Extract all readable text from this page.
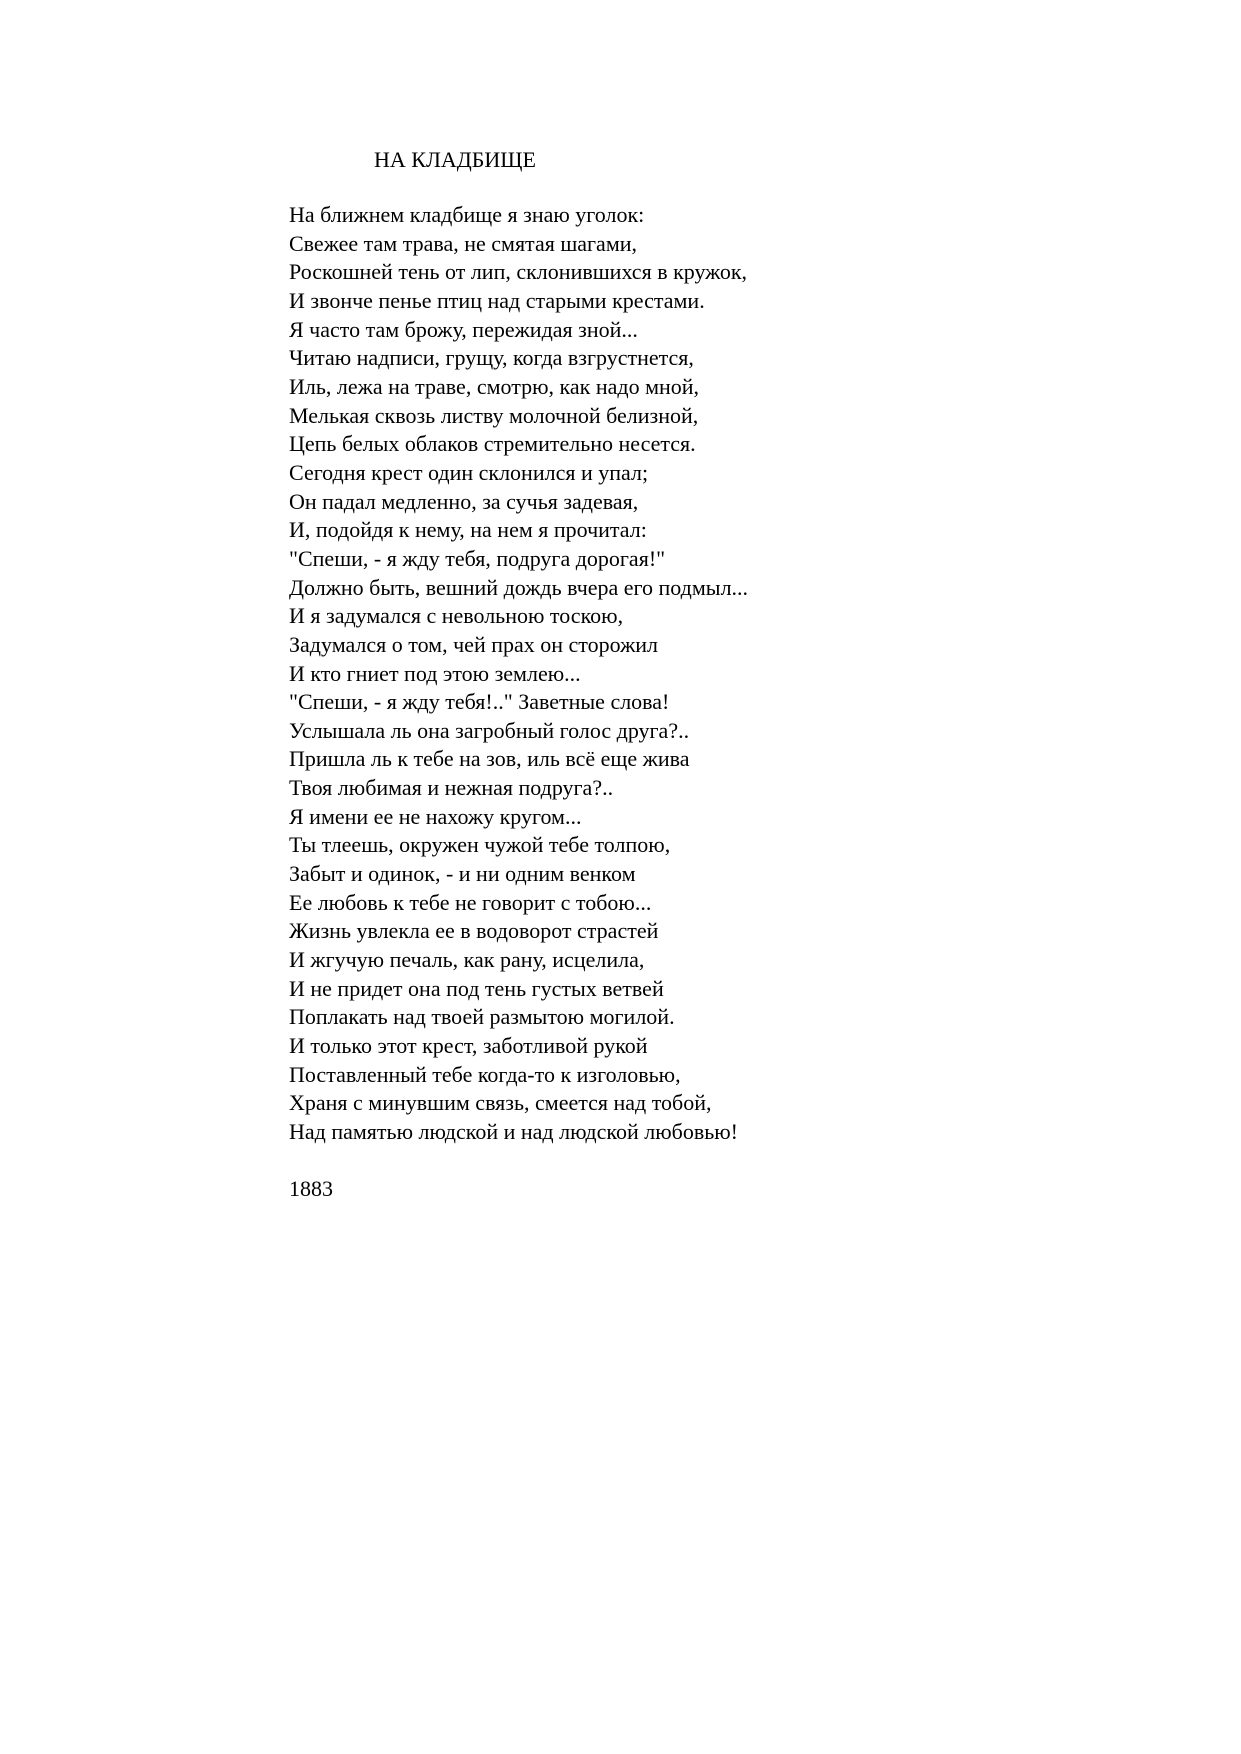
НА КЛАДБИЩЕ
На ближнем кладбище я знаю уголок:
Свежее там трава, не смятая шагами,
Роскошней тень от лип, склонившихся в кружок,
И звонче пенье птиц над старыми крестами.
Я часто там брожу, пережидая зной...
Читаю надписи, грущу, когда взгрустнется,
Иль, лежа на траве, смотрю, как надо мной,
Мелькая сквозь листву молочной белизной,
Цепь белых облаков стремительно несется.
Сегодня крест один склонился и упал;
Он падал медленно, за сучья задевая,
И, подойдя к нему, на нем я прочитал:
"Спеши, - я жду тебя, подруга дорогая!"
Должно быть, вешний дождь вчера его подмыл...
И я задумался с невольною тоскою,
Задумался о том, чей прах он сторожил
И кто гниет под этою землею...
"Спеши, - я жду тебя!.." Заветные слова!
Услышала ль она загробный голос друга?..
Пришла ль к тебе на зов, иль всё еще жива
Твоя любимая и нежная подруга?..
Я имени ее не нахожу кругом...
Ты тлеешь, окружен чужой тебе толпою,
Забыт и одинок, - и ни одним венком
Ее любовь к тебе не говорит с тобою...
Жизнь увлекла ее в водоворот страстей
И жгучую печаль, как рану, исцелила,
И не придет она под тень густых ветвей
Поплакать над твоей размытою могилой.
И только этот крест, заботливой рукой
Поставленный тебе когда-то к изголовью,
Храня с минувшим связь, смеется над тобой,
Над памятью людской и над людской любовью!
1883
